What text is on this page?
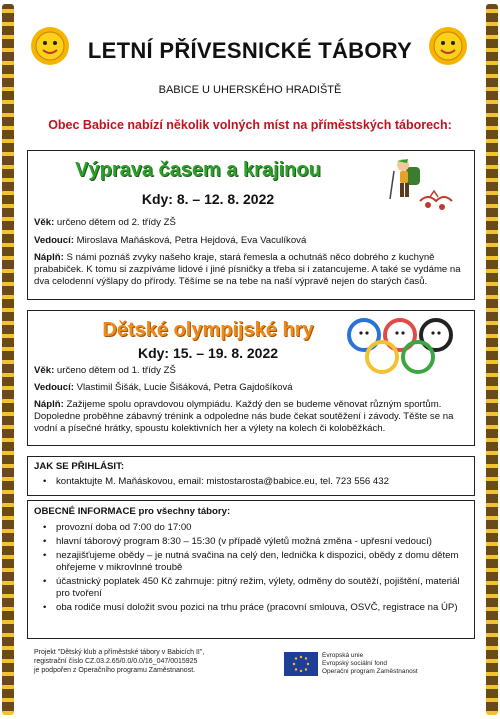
LETNÍ PŘÍVESNICKÉ TÁBORY
BABICE U UHERSKÉHO HRADIŠTĚ
Obec Babice nabízí několik volných míst na příměstských táborech:
Výprava časem a krajinou
Kdy: 8. – 12. 8. 2022
Věk: určeno dětem od 2. třídy ZŠ
Vedoucí: Miroslava Maňásková, Petra Hejdová, Eva Vaculíková
Náplň: S námi poznáš zvyky našeho kraje, stará řemesla a ochutnáš něco dobrého z kuchyně prababiček. K tomu si zazpíváme lidové i jiné písničky a třeba si i zatancujeme. A také se vydáme na dva celodenní výšlapy do přírody. Těšíme se na tebe na naší výpravě nejen do starých časů.
Dětské olympijské hry
Kdy: 15. – 19. 8. 2022
Věk: určeno dětem od 1. třídy ZŠ
Vedoucí: Vlastimil Šišák, Lucie Šišáková, Petra Gajdošíková
Náplň: Zažijeme spolu opravdovou olympiádu. Každý den se budeme věnovat různým sportům. Dopoledne proběhne zábavný trénink a odpoledne nás bude čekat soutěžení i závody. Těšte se na vodní a písečné hrátky, spoustu kolektivních her a výlety na kolech či koloběžkách.
JAK SE PŘIHLÁSIT:
• kontaktujte M. Maňáskovou, email: mistostarosta@babice.eu, tel. 723 556 432
OBECNÉ INFORMACE pro všechny tábory:
• provozní doba od 7:00 do 17:00
• hlavní táborový program 8:30 – 15:30 (v případě výletů možná změna - upřesní vedoucí)
• nezajišťujeme obědy – je nutná svačina na celý den, lednička k dispozici, obědy z domu dětem ohřejeme v mikrovlnné troubě
• účastnický poplatek 450 Kč zahrnuje: pitný režim, výlety, odměny do soutěží, pojištění, materiál pro tvoření
• oba rodiče musí doložit svou pozici na trhu práce (pracovní smlouva, OSVČ, registrace na ÚP)
Projekt "Dětský klub a příměstské tábory v Babicích II",
registrační číslo CZ.03.2.65/0.0/0.0/16_047/0015925
je podpořen z Operačního programu Zaměstnanost.
Evropská unie
Evropský sociální fond
Operační program Zaměstnanost
